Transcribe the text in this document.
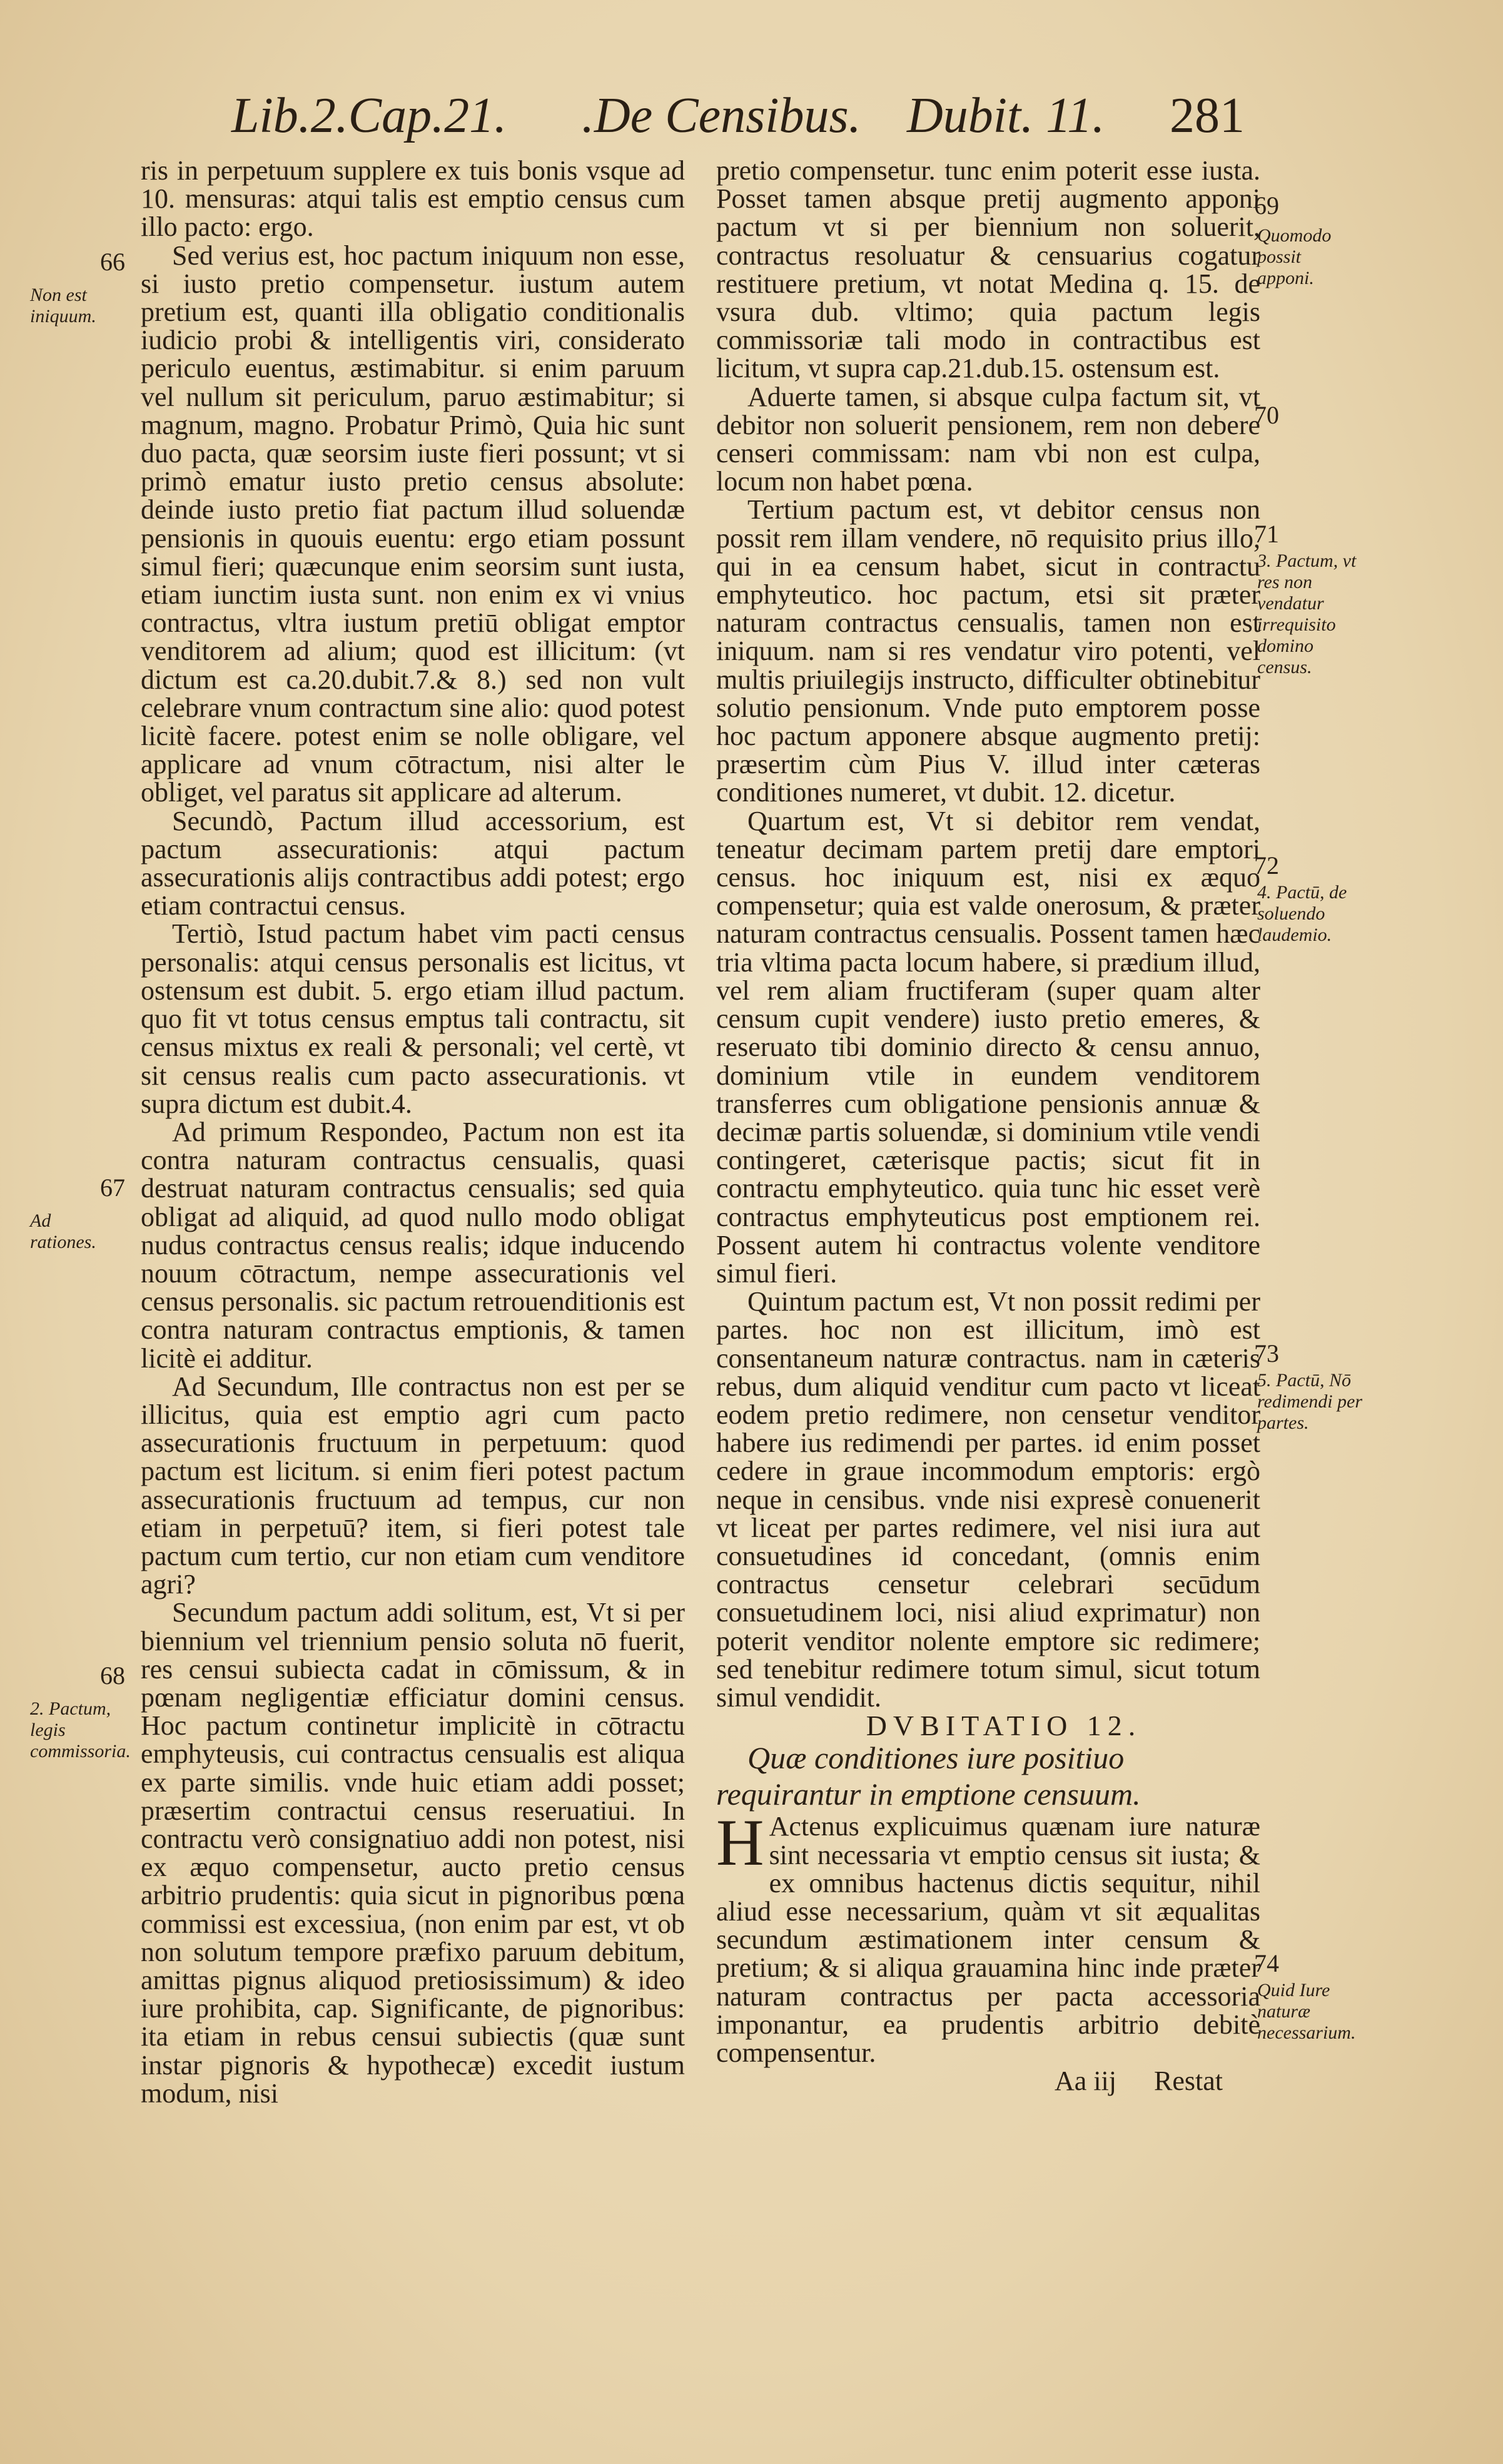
Lib.2.Cap.21. .De Censibus. Dubit. 11. 281
66
Non est iniquum.
67
Ad rationes.
68
2. Pactum, legis commissoria.

ris in perpetuum supplere ex tuis bonis vsque ad 10. mensuras: atqui talis est emptio census cum illo pacto: ergo.

Sed verius est, hoc pactum iniquum non esse, si iusto pretio compensetur. iustum autem pretium est, quanti illa obligatio conditionalis iudicio probi & intelligentis viri, considerato periculo euentus, æstimabitur. si enim paruum vel nullum sit periculum, paruo æstimabitur; si magnum, magno. Probatur Primò, Quia hic sunt duo pacta, quæ seorsim iuste fieri possunt; vt si primò ematur iusto pretio census absolute: deinde iusto pretio fiat pactum illud soluendæ pensionis in quouis euentu: ergo etiam possunt simul fieri; quæcunque enim seorsim sunt iusta, etiam iunctim iusta sunt. non enim ex vi vnius contractus, vltra iustum pretiū obligat emptor venditorem ad alium; quod est illicitum: (vt dictum est ca.20.dubit.7.& 8.) sed non vult celebrare vnum contractum sine alio: quod potest licitè facere. potest enim se nolle obligare, vel applicare ad vnum cōtractum, nisi alter le obliget, vel paratus sit applicare ad alterum.

Secundò, Pactum illud accessorium, est pactum assecurationis: atqui pactum assecurationis alijs contractibus addi potest; ergo etiam contractui census.

Tertiò, Istud pactum habet vim pacti census personalis: atqui census personalis est licitus, vt ostensum est dubit. 5. ergo etiam illud pactum. quo fit vt totus census emptus tali contractu, sit census mixtus ex reali & personali; vel certè, vt sit census realis cum pacto assecurationis. vt supra dictum est dubit.4.

Ad primum Respondeo, Pactum non est ita contra naturam contractus censualis, quasi destruat naturam contractus censualis; sed quia obligat ad aliquid, ad quod nullo modo obligat nudus contractus census realis; idque inducendo nouum cōtractum, nempe assecurationis vel census personalis. sic pactum retrouenditionis est contra naturam contractus emptionis, & tamen licitè ei additur.

Ad Secundum, Ille contractus non est per se illicitus, quia est emptio agri cum pacto assecurationis fructuum in perpetuum: quod pactum est licitum. si enim fieri potest pactum assecurationis fructuum ad tempus, cur non etiam in perpetuū? item, si fieri potest tale pactum cum tertio, cur non etiam cum venditore agri?

Secundum pactum addi solitum, est, Vt si per biennium vel triennium pensio soluta nō fuerit, res censui subiecta cadat in cōmissum, & in pœnam negligentiæ efficiatur domini census. Hoc pactum continetur implicitè in cōtractu emphyteusis, cui contractus censualis est aliqua ex parte similis. vnde huic etiam addi posset; præsertim contractui census reseruatiui. In contractu verò consignatiuo addi non potest, nisi ex æquo compensetur, aucto pretio census arbitrio prudentis: quia sicut in pignoribus pœna commissi est excessiua, (non enim par est, vt ob non solutum tempore præfixo paruum debitum, amittas pignus aliquod pretiosissimum) & ideo iure prohibita, cap. Significante, de pignoribus: ita etiam in rebus censui subiectis (quæ sunt instar pignoris & hypothecæ) excedit iustum modum, nisi

69
Quomodo possit apponi.
70
71
3. Pactum, vt res non vendatur irrequisito domino census.
72
4. Pactū, de soluendo laudemio.
73
5. Pactū, Nō redimendi per partes.
74
Quid Iure naturæ necessarium.

pretio compensetur. tunc enim poterit esse iusta. Posset tamen absque pretij augmento apponi pactum vt si per biennium non soluerit, contractus resoluatur & censuarius cogatur restituere pretium, vt notat Medina q. 15. de vsura dub. vltimo; quia pactum legis commissoriæ tali modo in contractibus est licitum, vt supra cap.21.dub.15. ostensum est.

Aduerte tamen, si absque culpa factum sit, vt debitor non soluerit pensionem, rem non debere censeri commissam: nam vbi non est culpa, locum non habet pœna.

Tertium pactum est, vt debitor census non possit rem illam vendere, nō requisito prius illo, qui in ea censum habet, sicut in contractu emphyteutico. hoc pactum, etsi sit præter naturam contractus censualis, tamen non est iniquum. nam si res vendatur viro potenti, vel multis priuilegijs instructo, difficulter obtinebitur solutio pensionum. Vnde puto emptorem posse hoc pactum apponere absque augmento pretij: præsertim cùm Pius V. illud inter cæteras conditiones numeret, vt dubit. 12. dicetur.

Quartum est, Vt si debitor rem vendat, teneatur decimam partem pretij dare emptori census. hoc iniquum est, nisi ex æquo compensetur; quia est valde onerosum, & præter naturam contractus censualis. Possent tamen hæc tria vltima pacta locum habere, si prædium illud, vel rem aliam fructiferam (super quam alter censum cupit vendere) iusto pretio emeres, & reseruato tibi dominio directo & censu annuo, dominium vtile in eundem venditorem transferres cum obligatione pensionis annuæ & decimæ partis soluendæ, si dominium vtile vendi contingeret, cæterisque pactis; sicut fit in contractu emphyteutico. quia tunc hic esset verè contractus emphyteuticus post emptionem rei. Possent autem hi contractus volente venditore simul fieri.

Quintum pactum est, Vt non possit redimi per partes. hoc non est illicitum, imò est consentaneum naturæ contractus. nam in cæteris rebus, dum aliquid venditur cum pacto vt liceat eodem pretio redimere, non censetur venditor habere ius redimendi per partes. id enim posset cedere in graue incommodum emptoris: ergò neque in censibus. vnde nisi expresè conuenerit vt liceat per partes redimere, vel nisi iura aut consuetudines id concedant, (omnis enim contractus censetur celebrari secūdum consuetudinem loci, nisi aliud exprimatur) non poterit venditor nolente emptore sic redimere; sed tenebitur redimere totum simul, sicut totum simul vendidit.

DVBITATIO 12.

Quæ conditiones iure positiuo requirantur in emptione censuum.

H Actenus explicuimus quænam iure naturæ sint necessaria vt emptio census sit iusta; & ex omnibus hactenus dictis sequitur, nihil aliud esse necessarium, quàm vt sit æqualitas secundum æstimationem inter censum & pretium; & si aliqua grauamina hinc inde præter naturam contractus per pacta accessoria imponantur, ea prudentis arbitrio debitè compensentur.

Aa iij Restat
